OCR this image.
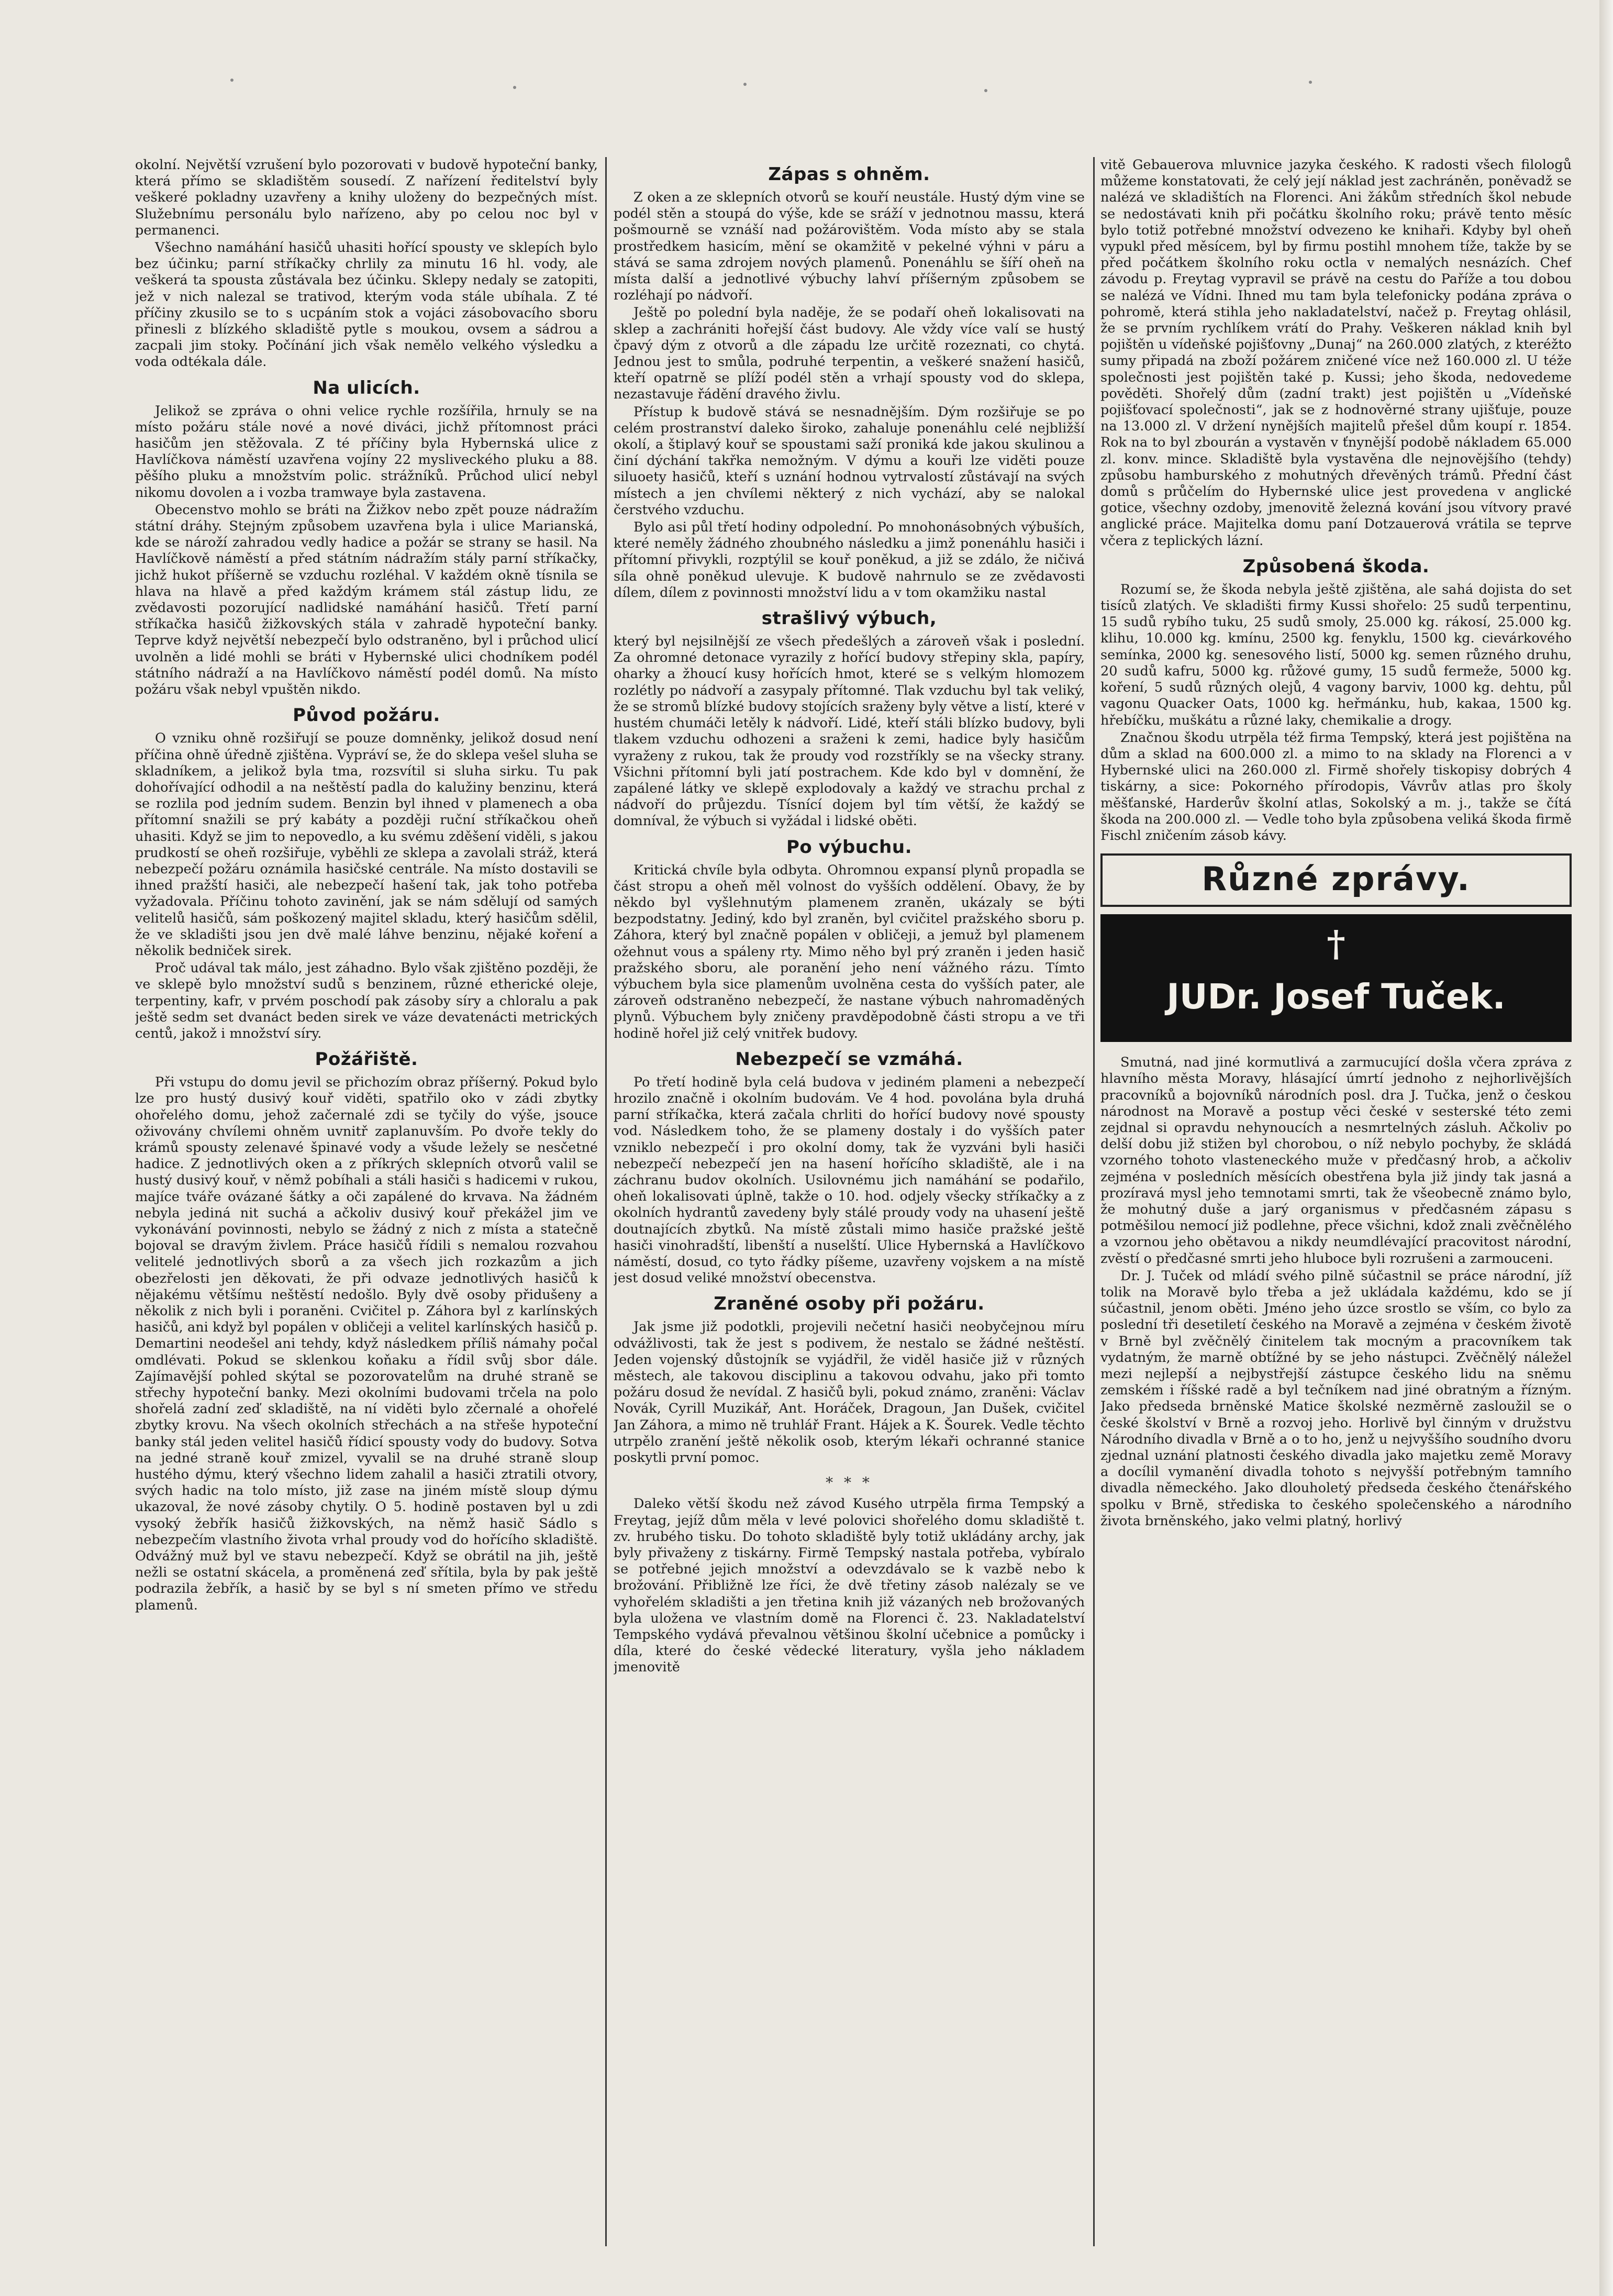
okolní. Největší vzrušení bylo pozorovati v budově hypoteční banky, která přímo se skladištěm sousedí. Z nařízení ředitelství byly veškeré pokladny uzavřeny a knihy uloženy do bezpečných míst. Služebnímu personálu bylo nařízeno, aby po celou noc byl v permanenci.

Všechno namáhání hasičů uhasiti hořící spousty ve sklepích bylo bez účinku; parní stříkačky chrlily za minutu 16 hl. vody, ale veškerá ta spousta zůstávala bez účinku. Sklepy nedaly se zatopiti, jež v nich nalezal se trativod, kterým voda stále ubíhala. Z té příčiny zkusilo se to s ucpáním stok a vojáci zásobovacího sboru přinesli z blízkého skladiště pytle s moukou, ovsem a sádrou a zacpali jim stoky. Počínání jich však nemělo velkého výsledku a voda odtékala dále.

Na ulicích.

Jelikož se zpráva o ohni velice rychle rozšířila, hrnuly se na místo požáru stále nové a nové diváci, jichž přítomnost práci hasičům jen stěžovala. Z té příčiny byla Hybernská ulice z Havlíčkova náměstí uzavřena vojíny 22 mysliveckého pluku a 88. pěšího pluku a množstvím polic. strážníků. Průchod ulicí nebyl nikomu dovolen a i vozba tramwaye byla zastavena.

Obecenstvo mohlo se bráti na Žižkov nebo zpět pouze nádražím státní dráhy. Stejným způsobem uzavřena byla i ulice Marianská, kde se nároží zahradou vedly hadice a požár se strany se hasil. Na Havlíčkově náměstí a před státním nádražím stály parní stříkačky, jichž hukot příšerně se vzduchu rozléhal. V každém okně tísnila se hlava na hlavě a před každým krámem stál zástup lidu, ze zvědavosti pozorující nadlidské namáhání hasičů. Třetí parní stříkačka hasičů žižkovských stála v zahradě hypoteční banky. Teprve když největší nebezpečí bylo odstraněno, byl i průchod ulicí uvolněn a lidé mohli se bráti v Hybernské ulici chodníkem podél státního nádraží a na Havlíčkovo náměstí podél domů. Na místo požáru však nebyl vpuštěn nikdo.

Původ požáru.

O vzniku ohně rozšiřují se pouze domněnky, jelikož dosud není příčina ohně úředně zjištěna. Vypráví se, že do sklepa vešel sluha se skladníkem, a jelikož byla tma, rozsvítil si sluha sirku. Tu pak dohořívající odhodil a na neštěstí padla do kalužiny benzinu, která se rozlila pod jedním sudem. Benzin byl ihned v plamenech a oba přítomní snažili se prý kabáty a později ruční stříkačkou oheň uhasiti. Když se jim to nepovedlo, a ku svému zděšení viděli, s jakou prudkostí se oheň rozšiřuje, vyběhli ze sklepa a zavolali stráž, která nebezpečí požáru oznámila hasičské centrále. Na místo dostavili se ihned pražští hasiči, ale nebezpečí hašení tak, jak toho potřeba vyžadovala. Příčinu tohoto zavinění, jak se nám sdělují od samých velitelů hasičů, sám poškozený majitel skladu, který hasičům sdělil, že ve skladišti jsou jen dvě malé láhve benzinu, nějaké koření a několik bedniček sirek.

Proč udával tak málo, jest záhadno. Bylo však zjištěno později, že ve sklepě bylo množství sudů s benzinem, různé etherické oleje, terpentiny, kafr, v prvém poschodí pak zásoby síry a chloralu a pak ještě sedm set dvanáct beden sirek ve váze devatenácti metrických centů, jakož i množství síry.

Požářiště.

Při vstupu do domu jevil se přichozím obraz příšerný. Pokud bylo lze pro hustý dusivý kouř viděti, spatřilo oko v zádi zbytky ohořelého domu, jehož začernalé zdi se tyčily do výše, jsouce oživovány chvílemi ohněm uvnitř zaplanuvším. Po dvoře tekly do krámů spousty zelenavé špinavé vody a všude ležely se nesčetné hadice. Z jednotlivých oken a z příkrých sklepních otvorů valil se hustý dusivý kouř, v němž pobíhali a stáli hasiči s hadicemi v rukou, majíce tváře ovázané šátky a oči zapálené do krvava. Na žádném nebyla jediná nit suchá a ačkoliv dusivý kouř překážel jim ve vykonávání povinnosti, nebylo se žádný z nich z místa a statečně bojoval se dravým živlem. Práce hasičů řídili s nemalou rozvahou velitelé jednotlivých sborů a za všech jich rozkazům a jich obezřelosti jen děkovati, že při odvaze jednotlivých hasičů k nějakému většímu neštěstí nedošlo. Byly dvě osoby přidušeny a několik z nich byli i poraněni. Cvičitel p. Záhora byl z karlínských hasičů, ani když byl popálen v obličeji a velitel karlínských hasičů p. Demartini neodešel ani tehdy, když následkem příliš námahy počal omdlévati. Pokud se sklenkou koňaku a řídil svůj sbor dále. Zajímavější pohled skýtal se pozorovatelům na druhé straně se střechy hypoteční banky. Mezi okolními budovami trčela na polo shořelá zadní zeď skladiště, na ní viděti bylo zčernalé a ohořelé zbytky krovu. Na všech okolních střechách a na střeše hypoteční banky stál jeden velitel hasičů řídicí spousty vody do budovy. Sotva na jedné straně kouř zmizel, vyvalil se na druhé straně sloup hustého dýmu, který všechno lidem zahalil a hasiči ztratili otvory, svých hadic na tolo místo, již zase na jiném místě sloup dýmu ukazoval, že nové zásoby chytily. O 5. hodině postaven byl u zdi vysoký žebřík hasičů žižkovských, na němž hasič Sádlo s nebezpečím vlastního života vrhal proudy vod do hořícího skladiště. Odvážný muž byl ve stavu nebezpečí. Když se obrátil na jih, ještě nežli se ostatní skácela, a proměnená zeď sřítila, byla by pak ještě podrazila žebřík, a hasič by se byl s ní smeten přímo ve středu plamenů.

Zápas s ohněm.

Z oken a ze sklepních otvorů se kouří neustále. Hustý dým vine se podél stěn a stoupá do výše, kde se sráží v jednotnou massu, která pošmourně se vznáší nad požárovištěm. Voda místo aby se stala prostředkem hasicím, mění se okamžitě v pekelné výhni v páru a stává se sama zdrojem nových plamenů. Ponenáhlu se šíří oheň na místa další a jednotlivé výbuchy lahví příšerným způsobem se rozléhají po nádvoří.

Ještě po polední byla naděje, že se podaří oheň lokalisovati na sklep a zachrániti hořejší část budovy. Ale vždy více valí se hustý čpavý dým z otvorů a dle západu lze určitě rozeznati, co chytá. Jednou jest to smůla, podruhé terpentin, a veškeré snažení hasičů, kteří opatrně se plíží podél stěn a vrhají spousty vod do sklepa, nezastavuje řádění dravého živlu.

Přístup k budově stává se nesnadnějším. Dým rozšiřuje se po celém prostranství daleko široko, zahaluje ponenáhlu celé nejbližší okolí, a štiplavý kouř se spoustami saží proniká kde jakou skulinou a činí dýchání takřka nemožným. V dýmu a kouři lze viděti pouze siluoety hasičů, kteří s uznání hodnou vytrvalostí zůstávají na svých místech a jen chvílemi některý z nich vychází, aby se nalokal čerstvého vzduchu.

Bylo asi půl třetí hodiny odpolední. Po mnohonásobných výbuších, které neměly žádného zhoubného následku a jimž ponenáhlu hasiči i přítomní přivykli, rozptýlil se kouř poněkud, a již se zdálo, že ničivá síla ohně poněkud ulevuje. K budově nahrnulo se ze zvědavosti dílem, dílem z povinnosti množství lidu a v tom okamžiku nastal

strašlivý výbuch,

který byl nejsilnější ze všech předešlých a zároveň však i poslední. Za ohromné detonace vyrazily z hořící budovy střepiny skla, papíry, oharky a žhoucí kusy hořících hmot, které se s velkým hlomozem rozlétly po nádvoří a zasypaly přítomné. Tlak vzduchu byl tak veliký, že se stromů blízké budovy stojících sraženy byly větve a listí, které v hustém chumáči letěly k nádvoří. Lidé, kteří stáli blízko budovy, byli tlakem vzduchu odhozeni a sraženi k zemi, hadice byly hasičům vyraženy z rukou, tak že proudy vod rozstříkly se na všecky strany. Všichni přítomní byli jatí postrachem. Kde kdo byl v domnění, že zapálené látky ve sklepě explodovaly a každý ve strachu prchal z nádvoří do průjezdu. Tísnící dojem byl tím větší, že každý se domníval, že výbuch si vyžádal i lidské oběti.

Po výbuchu.

Kritická chvíle byla odbyta. Ohromnou expansí plynů propadla se část stropu a oheň měl volnost do vyšších oddělení. Obavy, že by někdo byl vyšlehnutým plamenem zraněn, ukázaly se býti bezpodstatny. Jediný, kdo byl zraněn, byl cvičitel pražského sboru p. Záhora, který byl značně popálen v obličeji, a jemuž byl plamenem ožehnut vous a spáleny rty. Mimo něho byl prý zraněn i jeden hasič pražského sboru, ale poranění jeho není vážného rázu. Tímto výbuchem byla sice plamenům uvolněna cesta do vyšších pater, ale zároveň odstraněno nebezpečí, že nastane výbuch nahromaděných plynů. Výbuchem byly zničeny pravděpodobně části stropu a ve tři hodině hořel již celý vnitřek budovy.

Nebezpečí se vzmáhá.

Po třetí hodině byla celá budova v jediném plameni a nebezpečí hrozilo značně i okolním budovám. Ve 4 hod. povolána byla druhá parní stříkačka, která začala chrliti do hořící budovy nové spousty vod. Následkem toho, že se plameny dostaly i do vyšších pater vzniklo nebezpečí i pro okolní domy, tak že vyzváni byli hasiči nebezpečí nebezpečí jen na hasení hořícího skladiště, ale i na záchranu budov okolních. Usilovnému jich namáhání se podařilo, oheň lokalisovati úplně, takže o 10. hod. odjely všecky stříkačky a z okolních hydrantů zavedeny byly stálé proudy vody na uhasení ještě doutnajících zbytků. Na místě zůstali mimo hasiče pražské ještě hasiči vinohradští, libenští a nuselští. Ulice Hybernská a Havlíčkovo náměstí, dosud, co tyto řádky píšeme, uzavřeny vojskem a na místě jest dosud veliké množství obecenstva.

Zraněné osoby při požáru.

Jak jsme již podotkli, projevili nečetní hasiči neobyčejnou míru odvážlivosti, tak že jest s podivem, že nestalo se žádné neštěstí. Jeden vojenský důstojník se vyjádřil, že viděl hasiče již v různých městech, ale takovou disciplinu a takovou odvahu, jako při tomto požáru dosud že nevídal. Z hasičů byli, pokud známo, zraněni: Václav Novák, Cyrill Muzikář, Ant. Horáček, Dragoun, Jan Dušek, cvičitel Jan Záhora, a mimo ně truhlář Frant. Hájek a K. Šourek. Vedle těchto utrpělo zranění ještě několik osob, kterým lékaři ochranné stanice poskytli první pomoc.

* * *

Daleko větší škodu než závod Kusého utrpěla firma Tempský a Freytag, jejíž dům měla v levé polovici shořelého domu skladiště t. zv. hrubého tisku. Do tohoto skladiště byly totiž ukládány archy, jak byly přivaženy z tiskárny. Firmě Tempský nastala potřeba, vybíralo se potřebné jejich množství a odevzdávalo se k vazbě nebo k brožování. Přibližně lze říci, že dvě třetiny zásob nalézaly se ve vyhořelém skladišti a jen třetina knih již vázaných neb brožovaných byla uložena ve vlastním domě na Florenci č. 23. Nakladatelství Tempského vydává převalnou většinou školní učebnice a pomůcky i díla, které do české vědecké literatury, vyšla jeho nákladem jmenovitě

vitě Gebauerova mluvnice jazyka českého. K radosti všech filologů můžeme konstatovati, že celý její náklad jest zachráněn, poněvadž se nalézá ve skladištích na Florenci. Ani žákům středních škol nebude se nedostávati knih při počátku školního roku; právě tento měsíc bylo totiž potřebné množství odvezeno ke knihaři. Kdyby byl oheň vypukl před měsícem, byl by firmu postihl mnohem tíže, takže by se před počátkem školního roku octla v nemalých nesnázích. Chef závodu p. Freytag vypravil se právě na cestu do Paříže a tou dobou se nalézá ve Vídni. Ihned mu tam byla telefonicky podána zpráva o pohromě, která stihla jeho nakladatelství, načež p. Freytag ohlásil, že se prvním rychlíkem vrátí do Prahy. Veškeren náklad knih byl pojištěn u vídeňské pojišťovny „Dunaj“ na 260.000 zlatých, z kteréžto sumy připadá na zboží požárem zničené více než 160.000 zl. U téže společnosti jest pojištěn také p. Kussi; jeho škoda, nedovedeme pověděti. Shořelý dům (zadní trakt) jest pojištěn u „Vídeňské pojišťovací společnosti“, jak se z hodnověrné strany ujišťuje, pouze na 13.000 zl. V držení nynějších majitelů přešel dům koupí r. 1854. Rok na to byl zbourán a vystavěn v ťnynější podobě nákladem 65.000 zl. konv. mince. Skladiště byla vystavěna dle nejnovějšího (tehdy) způsobu hamburského z mohutných dřevěných trámů. Přední část domů s průčelím do Hybernské ulice jest provedena v anglické gotice, všechny ozdoby, jmenovitě železná kování jsou vítvory pravé anglické práce. Majitelka domu paní Dotzauerová vrátila se teprve včera z teplických lázní.

Způsobená škoda.

Rozumí se, že škoda nebyla ještě zjištěna, ale sahá dojista do set tisíců zlatých. Ve skladišti firmy Kussi shořelo: 25 sudů terpentinu, 15 sudů rybího tuku, 25 sudů smoly, 25.000 kg. rákosí, 25.000 kg. klihu, 10.000 kg. kmínu, 2500 kg. fenyklu, 1500 kg. cievárkového semínka, 2000 kg. senesového listí, 5000 kg. semen různého druhu, 20 sudů kafru, 5000 kg. růžové gumy, 15 sudů fermeže, 5000 kg. koření, 5 sudů různých olejů, 4 vagony barviv, 1000 kg. dehtu, půl vagonu Quacker Oats, 1000 kg. heřmánku, hub, kakaa, 1500 kg. hřebíčku, muškátu a různé laky, chemikalie a drogy.

Značnou škodu utrpěla též firma Tempský, která jest pojištěna na dům a sklad na 600.000 zl. a mimo to na sklady na Florenci a v Hybernské ulici na 260.000 zl. Firmě shořely tiskopisy dobrých 4 tiskárny, a sice: Pokorného přírodopis, Vávrův atlas pro školy měšťanské, Harderův školní atlas, Sokolský a m. j., takže se čítá škoda na 200.000 zl. — Vedle toho byla způsobena veliká škoda firmě Fischl zničením zásob kávy.

Různé zprávy.
†
JUDr. Josef Tuček.

Smutná, nad jiné kormutlivá a zarmucující došla včera zpráva z hlavního města Moravy, hlásající úmrtí jednoho z nejhorlivějších pracovníků a bojovníků národních posl. dra J. Tučka, jenž o českou národnost na Moravě a postup věci české v sesterské této zemi zejdnal si opravdu nehynoucích a nesmrtelných zásluh. Ačkoliv po delší dobu již stižen byl chorobou, o níž nebylo pochyby, že skládá vzorného tohoto vlasteneckého muže v předčasný hrob, a ačkoliv zejména v posledních měsících obestřena byla již jindy tak jasná a prozíravá mysl jeho temnotami smrti, tak že všeobecně známo bylo, že mohutný duše a jarý organismus v předčasném zápasu s potměšilou nemocí již podlehne, přece všichni, kdož znali zvěčnělého a vzornou jeho obětavou a nikdy neumdlévající pracovitost národní, zvěstí o předčasné smrti jeho hluboce byli rozrušeni a zarmouceni.

Dr. J. Tuček od mládí svého pilně súčastnil se práce národní, jíž tolik na Moravě bylo třeba a jež ukládala každému, kdo se jí súčastnil, jenom oběti. Jméno jeho úzce srostlo se vším, co bylo za poslední tři desetiletí českého na Moravě a zejména v českém životě v Brně byl zvěčnělý činitelem tak mocným a pracovníkem tak vydatným, že marně obtížné by se jeho nástupci. Zvěčnělý náležel mezi nejlepší a nejbystřejší zástupce českého lidu na sněmu zemském i říšské radě a byl tečníkem nad jiné obratným a řízným. Jako předseda brněnské Matice školské nezměrně zasloužil se o české školství v Brně a rozvoj jeho. Horlivě byl činným v družstvu Národního divadla v Brně a o to ho, jenž u nejvyššího soudního dvoru zjednal uznání platnosti českého divadla jako majetku země Moravy a docílil vymanění divadla tohoto s nejvyšší potřebným tamního divadla německého. Jako dlouholetý předseda českého čtenářského spolku v Brně, střediska to českého společenského a národního života brněnského, jako velmi platný, horlivý
